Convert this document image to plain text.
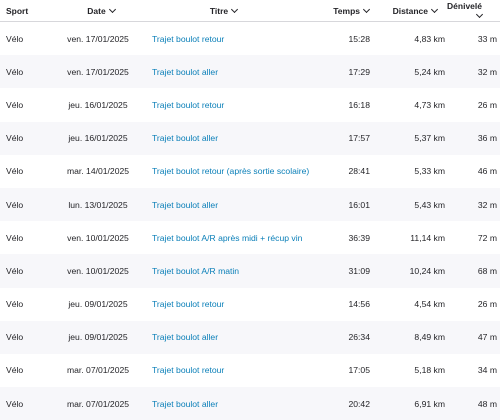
Sport	Date	Titre	Temps	Distance	Dénivelé
Vélo	ven. 17/01/2025	Trajet boulot retour	15:28	4,83 km	33 m
Vélo	ven. 17/01/2025	Trajet boulot aller	17:29	5,24 km	32 m
Vélo	jeu. 16/01/2025	Trajet boulot retour	16:18	4,73 km	26 m
Vélo	jeu. 16/01/2025	Trajet boulot aller	17:57	5,37 km	36 m
Vélo	mar. 14/01/2025	Trajet boulot retour (après sortie scolaire)	28:41	5,33 km	46 m
Vélo	lun. 13/01/2025	Trajet boulot aller	16:01	5,43 km	32 m
Vélo	ven. 10/01/2025	Trajet boulot A/R après midi + récup vin	36:39	11,14 km	72 m
Vélo	ven. 10/01/2025	Trajet boulot A/R matin	31:09	10,24 km	68 m
Vélo	jeu. 09/01/2025	Trajet boulot retour	14:56	4,54 km	26 m
Vélo	jeu. 09/01/2025	Trajet boulot aller	26:34	8,49 km	47 m
Vélo	mar. 07/01/2025	Trajet boulot retour	17:05	5,18 km	34 m
Vélo	mar. 07/01/2025	Trajet boulot aller	20:42	6,91 km	48 m
